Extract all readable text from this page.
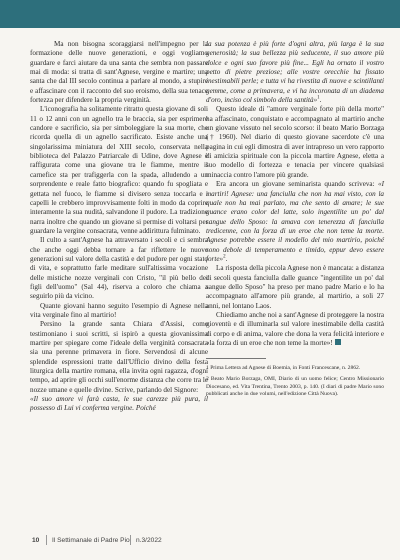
Ma non bisogna scoraggiarsi nell'impegno per la formazione delle nuove generazioni, e oggi vogliamo guardare e farci aiutare da una santa che sembra non passare mai di moda: si tratta di sant'Agnese, vergine e martire; una santa che dal III secolo continua a parlare al mondo, a stupire e affascinare con il racconto del suo eroismo, della sua tenace fortezza per difendere la propria verginità.

L'iconografia ha solitamente ritratto questa giovane di soli 11 o 12 anni con un agnello tra le braccia, sia per esprimere candore e sacrificio, sia per simboleggiare la sua morte, che ricorda quella di un agnello sacrificato. Esiste anche una singolarissima miniatura del XIII secolo, conservata nella biblioteca del Palazzo Patriarcale di Udine, dove Agnese è raffigurata come una giovane tra le fiamme, mentre il carnefice sta per trafiggerla con la spada, alludendo a un sorprendente e reale fatto biografico: quando fu spogliata e gettata nel fuoco, le fiamme si divisero senza toccarla e i capelli le crebbero improvvisamente folti in modo da coprire interamente la sua nudità, salvandone il pudore. La tradizione narra inoltre che quando un giovane si permise di voltarsi per guardare la vergine consacrata, venne addirittura fulminato.

Il culto a sant'Agnese ha attraversato i secoli e ci sembra che anche oggi debba tornare a far riflettere le nuove generazioni sul valore della castità e del pudore per ogni stato di vita, e soprattutto farle meditare sull'altissima vocazione delle mistiche nozze verginali con Cristo, "il più bello dei figli dell'uomo" (Sal 44), riserva a coloro che chiama a seguirlo più da vicino.

Quante giovani hanno seguito l'esempio di Agnese nella vita verginale fino al martirio!

Persino la grande santa Chiara d'Assisi, come testimoniano i suoi scritti, si ispirò a questa giovanissima martire per spiegare come l'ideale della verginità consacrata sia una perenne primavera in fiore. Servendosi di alcune splendide espressioni tratte dall'Ufficio divino della festa liturgica della martire romana, ella invita ogni ragazza, d'ogni tempo, ad aprire gli occhi sull'enorme distanza che corre tra le nozze umane e quelle divine. Scrive, parlando del Signore:

«Il suo amore vi farà casta, le sue carezze più pura, il possesso di Lui vi conferma vergine. Poiché

la sua potenza è più forte d'ogni altra, più larga è la sua generosità; la sua bellezza più seducente, il suo amore più dolce e ogni suo favore più fine... Egli ha ornato il vostro petto di pietre preziose; alle vostre orecchie ha fissato inestimabili perle; e tutta vi ha rivestita di nuove e scintillanti gemme, come a primavera, e vi ha incoronata di un diadema d'oro, inciso col simbolo della santità»$^1$.

Questo ideale di "amore verginale forte più della morte" ha affascinato, conquistato e accompagnato al martirio anche un giovane vissuto nel secolo scorso: il beato Mario Borzaga († 1960). Nel diario di questo giovane sacerdote c'è una pagina in cui egli dimostra di aver intrapreso un vero rapporto di amicizia spirituale con la piccola martire Agnese, eletta a suo modello di fortezza e tenacia per vincere qualsiasi minaccia contro l'amore più grande.

Era ancora un giovane seminarista quando scriveva: «I martiri! Agnese: una fanciulla che non ha mai visto, con la quale non ha mai parlato, ma che sento di amare; le sue guance erano color del latte, solo ingentilite un po' dal sangue dello Sposo: la amava con tenerezza di fanciulla tredicenne, con la forza di un eroe che non teme la morte. Agnese potrebbe essere il modello del mio martirio, poiché sono debole di temperamento e timido, eppur devo essere forte»$^2$.

La risposta della piccola Agnese non è mancata: a distanza di secoli questa fanciulla dalle guance "ingentilite un po' dal sangue dello Sposo" ha preso per mano padre Mario e lo ha accompagnato all'amore più grande, al martirio, a soli 27 anni, nel lontano Laos.

Chiediamo anche noi a sant'Agnese di proteggere la nostra gioventù e di illuminarla sul valore inestimabile della castità di corpo e di anima, valore che dona la vera felicità interiore e «la forza di un eroe che non teme la morte»!

1 Prima Lettera ad Agnese di Boemia, in Fonti Francescane, n. 2862.

2 Beato Mario Borzaga, OMI, Diario di un uomo felice; Centro Missionario Diocesano, ed. Vita Trentina, Trento 2003, p. 140. (I diari di padre Mario sono pubblicati anche in due volumi, nell'edizione Città Nuova).

10 Il Settimanale di Padre Pio n.3/2022
